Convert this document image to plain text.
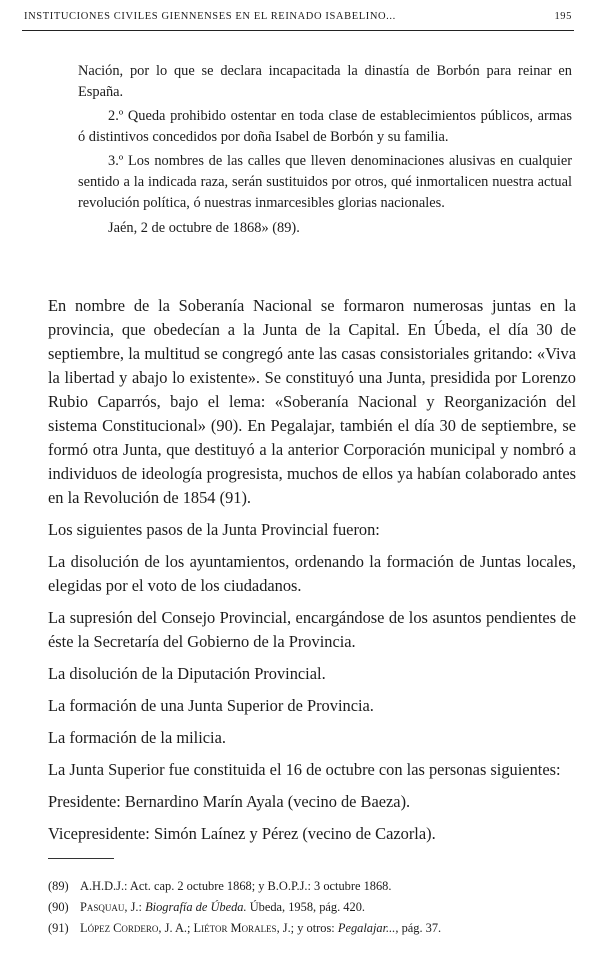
INSTITUCIONES CIVILES GIENNENSES EN EL REINADO ISABELINO...	195

Nación, por lo que se declara incapacitada la dinastía de Borbón para reinar en España.

2.º Queda prohibido ostentar en toda clase de establecimientos públicos, armas ó distintivos concedidos por doña Isabel de Borbón y su familia.

3.º Los nombres de las calles que lleven denominaciones alusivas en cualquier sentido a la indicada raza, serán sustituidos por otros, qué inmortalicen nuestra actual revolución política, ó nuestras inmarcesibles glorias nacionales.

Jaén, 2 de octubre de 1868» (89).

En nombre de la Soberanía Nacional se formaron numerosas juntas en la provincia, que obedecían a la Junta de la Capital. En Úbeda, el día 30 de septiembre, la multitud se congregó ante las casas consistoriales gritando: «Viva la libertad y abajo lo existente». Se constituyó una Junta, presidida por Lorenzo Rubio Caparrós, bajo el lema: «Soberanía Nacional y Reorganización del sistema Constitucional» (90). En Pegalajar, también el día 30 de septiembre, se formó otra Junta, que destituyó a la anterior Corporación municipal y nombró a individuos de ideología progresista, muchos de ellos ya habían colaborado antes en la Revolución de 1854 (91).

Los siguientes pasos de la Junta Provincial fueron:

La disolución de los ayuntamientos, ordenando la formación de Juntas locales, elegidas por el voto de los ciudadanos.

La supresión del Consejo Provincial, encargándose de los asuntos pendientes de éste la Secretaría del Gobierno de la Provincia.

La disolución de la Diputación Provincial.

La formación de una Junta Superior de Provincia.

La formación de la milicia.

La Junta Superior fue constituida el 16 de octubre con las personas siguientes:

Presidente: Bernardino Marín Ayala (vecino de Baeza).

Vicepresidente: Simón Laínez y Pérez (vecino de Cazorla).

(89) A.H.D.J.: Act. cap. 2 octubre 1868; y B.O.P.J.: 3 octubre 1868.
(90) Pasquau, J.: Biografía de Úbeda. Úbeda, 1958, pág. 420.
(91) López Cordero, J. A.; Liétor Morales, J.; y otros: Pegalajar..., pág. 37.
